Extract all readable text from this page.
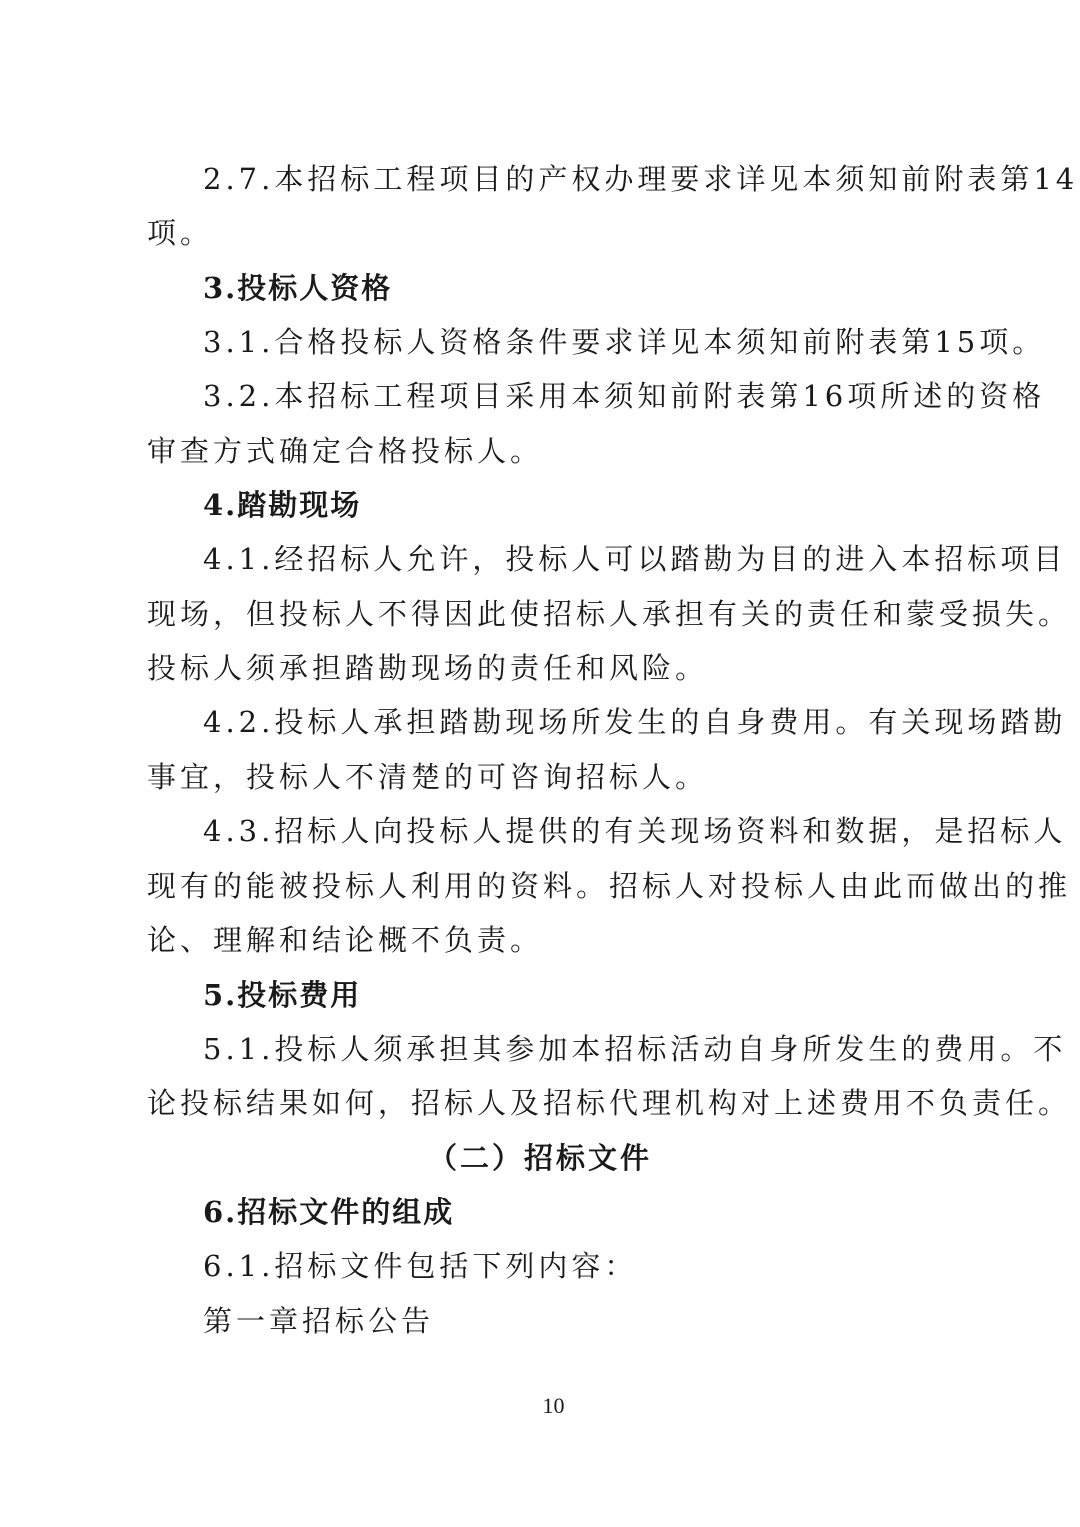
2.7.本招标工程项目的产权办理要求详见本须知前附表第14
项。
3.投标人资格
3.1.合格投标人资格条件要求详见本须知前附表第15项。
3.2.本招标工程项目采用本须知前附表第16项所述的资格
审查方式确定合格投标人。
4.踏勘现场
4.1.经招标人允许，投标人可以踏勘为目的进入本招标项目
现场，但投标人不得因此使招标人承担有关的责任和蒙受损失。
投标人须承担踏勘现场的责任和风险。
4.2.投标人承担踏勘现场所发生的自身费用。有关现场踏勘
事宜，投标人不清楚的可咨询招标人。
4.3.招标人向投标人提供的有关现场资料和数据，是招标人
现有的能被投标人利用的资料。招标人对投标人由此而做出的推
论、理解和结论概不负责。
5.投标费用
5.1.投标人须承担其参加本招标活动自身所发生的费用。不
论投标结果如何，招标人及招标代理机构对上述费用不负责任。
（二）招标文件
6.招标文件的组成
6.1.招标文件包括下列内容：
第一章招标公告
10
